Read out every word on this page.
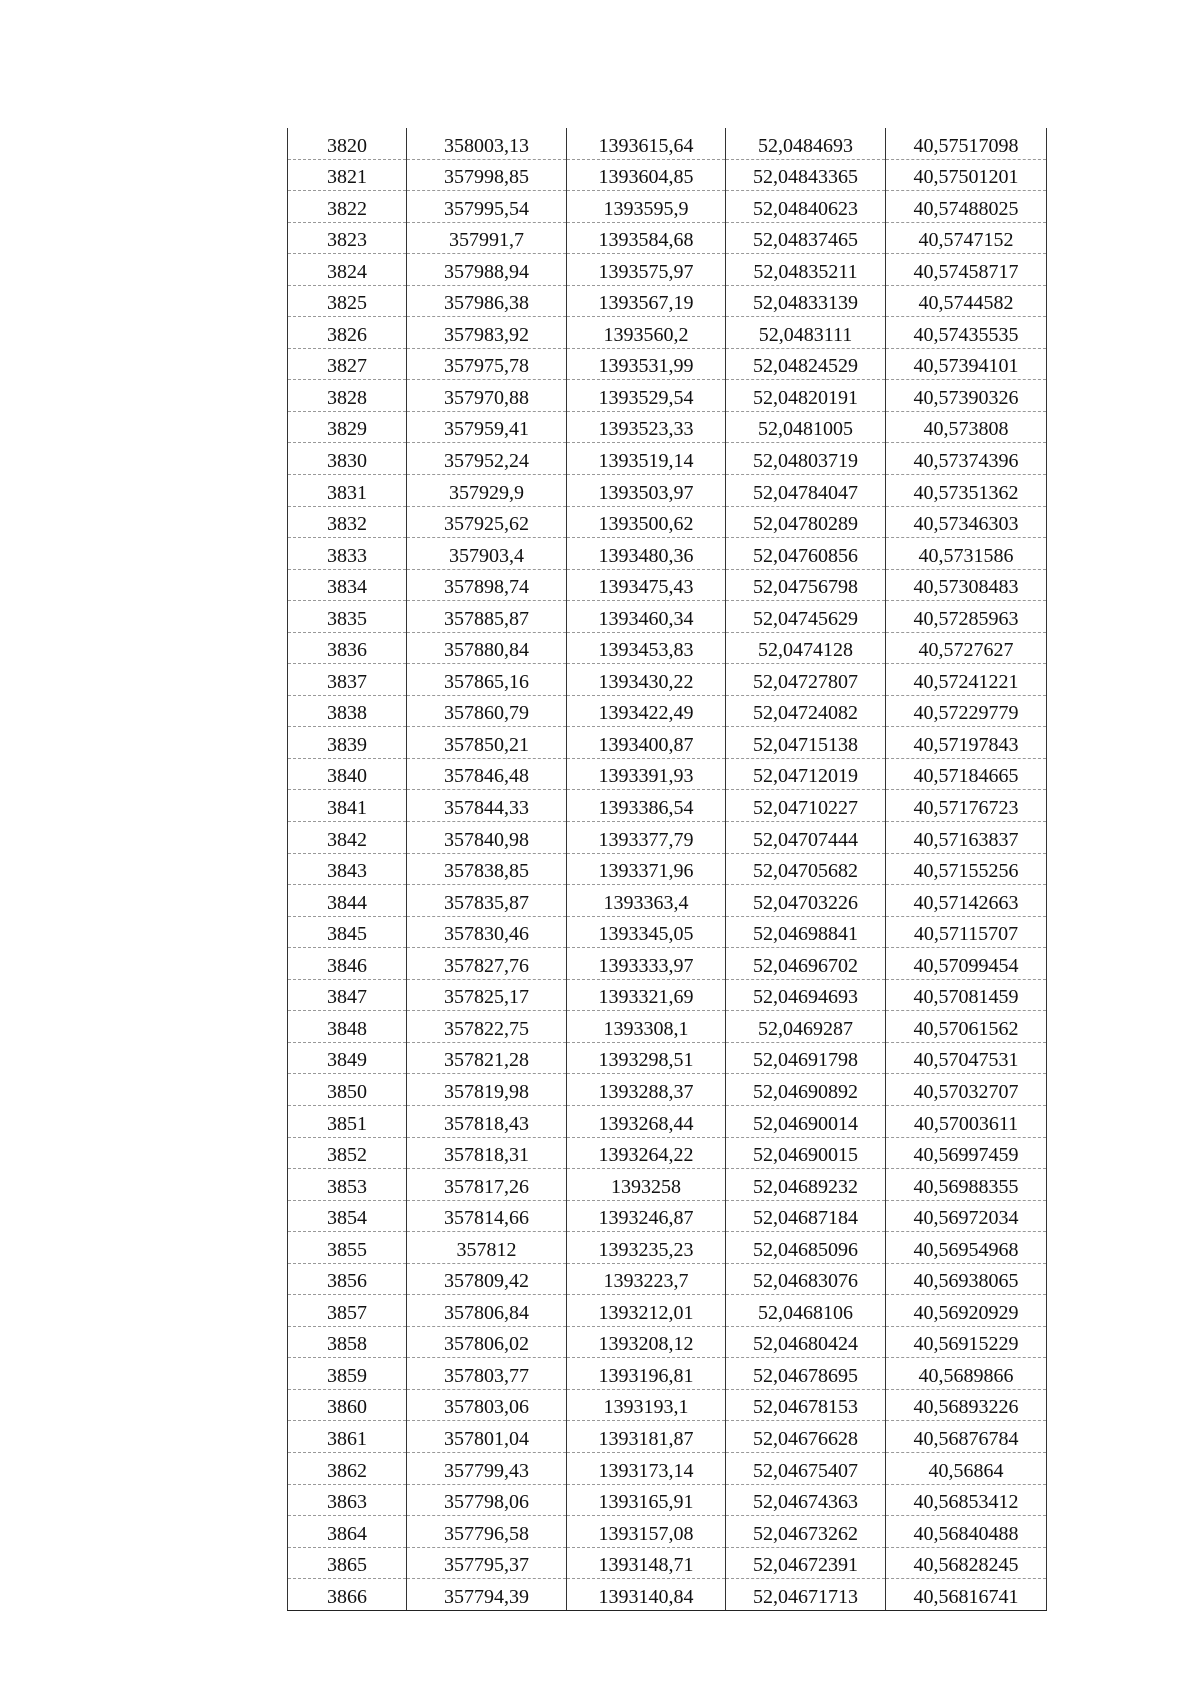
3820	358003,13	1393615,64	52,0484693	40,57517098
3821	357998,85	1393604,85	52,04843365	40,57501201
3822	357995,54	1393595,9	52,04840623	40,57488025
3823	357991,7	1393584,68	52,04837465	40,5747152
3824	357988,94	1393575,97	52,04835211	40,57458717
3825	357986,38	1393567,19	52,04833139	40,5744582
3826	357983,92	1393560,2	52,0483111	40,57435535
3827	357975,78	1393531,99	52,04824529	40,57394101
3828	357970,88	1393529,54	52,04820191	40,57390326
3829	357959,41	1393523,33	52,0481005	40,573808
3830	357952,24	1393519,14	52,04803719	40,57374396
3831	357929,9	1393503,97	52,04784047	40,57351362
3832	357925,62	1393500,62	52,04780289	40,57346303
3833	357903,4	1393480,36	52,04760856	40,5731586
3834	357898,74	1393475,43	52,04756798	40,57308483
3835	357885,87	1393460,34	52,04745629	40,57285963
3836	357880,84	1393453,83	52,0474128	40,5727627
3837	357865,16	1393430,22	52,04727807	40,57241221
3838	357860,79	1393422,49	52,04724082	40,57229779
3839	357850,21	1393400,87	52,04715138	40,57197843
3840	357846,48	1393391,93	52,04712019	40,57184665
3841	357844,33	1393386,54	52,04710227	40,57176723
3842	357840,98	1393377,79	52,04707444	40,57163837
3843	357838,85	1393371,96	52,04705682	40,57155256
3844	357835,87	1393363,4	52,04703226	40,57142663
3845	357830,46	1393345,05	52,04698841	40,57115707
3846	357827,76	1393333,97	52,04696702	40,57099454
3847	357825,17	1393321,69	52,04694693	40,57081459
3848	357822,75	1393308,1	52,0469287	40,57061562
3849	357821,28	1393298,51	52,04691798	40,57047531
3850	357819,98	1393288,37	52,04690892	40,57032707
3851	357818,43	1393268,44	52,04690014	40,57003611
3852	357818,31	1393264,22	52,04690015	40,56997459
3853	357817,26	1393258	52,04689232	40,56988355
3854	357814,66	1393246,87	52,04687184	40,56972034
3855	357812	1393235,23	52,04685096	40,56954968
3856	357809,42	1393223,7	52,04683076	40,56938065
3857	357806,84	1393212,01	52,0468106	40,56920929
3858	357806,02	1393208,12	52,04680424	40,56915229
3859	357803,77	1393196,81	52,04678695	40,5689866
3860	357803,06	1393193,1	52,04678153	40,56893226
3861	357801,04	1393181,87	52,04676628	40,56876784
3862	357799,43	1393173,14	52,04675407	40,56864
3863	357798,06	1393165,91	52,04674363	40,56853412
3864	357796,58	1393157,08	52,04673262	40,56840488
3865	357795,37	1393148,71	52,04672391	40,56828245
3866	357794,39	1393140,84	52,04671713	40,56816741
